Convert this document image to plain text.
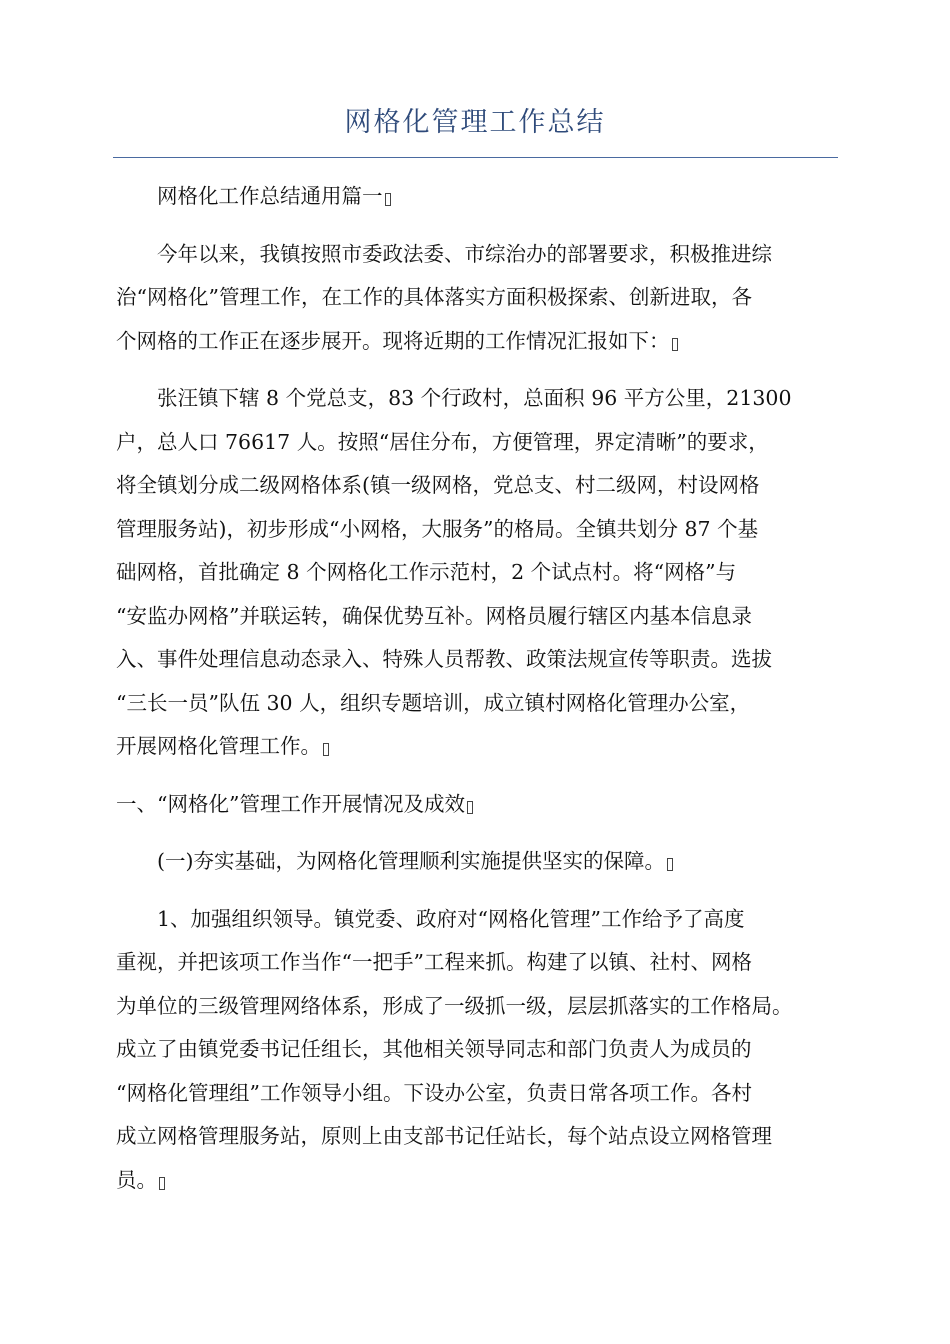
网格化管理工作总结
　　网格化工作总结通用篇一
　　今年以来，我镇按照市委政法委、市综治办的部署要求，积极推进综
治“网格化”管理工作，在工作的具体落实方面积极探索、创新进取，各
个网格的工作正在逐步展开。现将近期的工作情况汇报如下：
　　张汪镇下辖 8 个党总支，83 个行政村，总面积 96 平方公里，21300
户，总人口 76617 人。按照“居住分布，方便管理，界定清晰”的要求，
将全镇划分成二级网格体系(镇一级网格，党总支、村二级网，村设网格
管理服务站)，初步形成“小网格，大服务”的格局。全镇共划分 87 个基
础网格，首批确定 8 个网格化工作示范村，2 个试点村。将“网格”与
“安监办网格”并联运转，确保优势互补。网格员履行辖区内基本信息录
入、事件处理信息动态录入、特殊人员帮教、政策法规宣传等职责。选拔
“三长一员”队伍 30 人，组织专题培训，成立镇村网格化管理办公室，
开展网格化管理工作。
一、“网格化”管理工作开展情况及成效
　　(一)夯实基础，为网格化管理顺利实施提供坚实的保障。
　　1、加强组织领导。镇党委、政府对“网格化管理”工作给予了高度
重视，并把该项工作当作“一把手”工程来抓。构建了以镇、社村、网格
为单位的三级管理网络体系，形成了一级抓一级，层层抓落实的工作格局。
成立了由镇党委书记任组长，其他相关领导同志和部门负责人为成员的
“网格化管理组”工作领导小组。下设办公室，负责日常各项工作。各村
成立网格管理服务站，原则上由支部书记任站长，每个站点设立网格管理
员。
